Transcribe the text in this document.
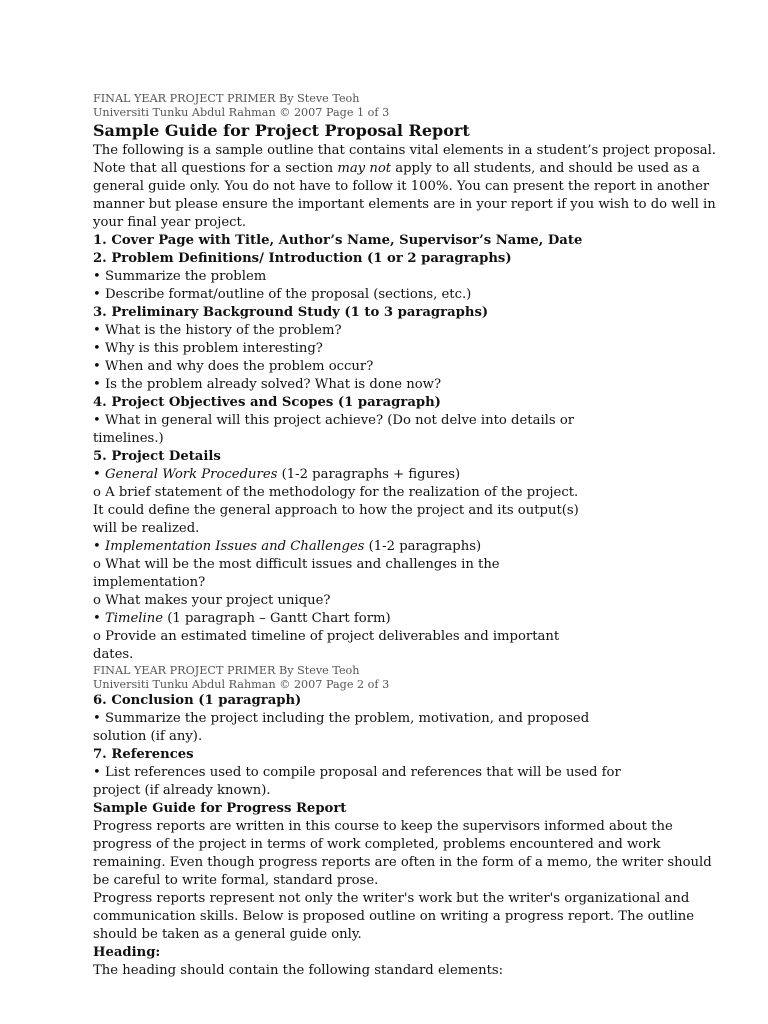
FINAL YEAR PROJECT PRIMER By Steve Teoh
Universiti Tunku Abdul Rahman © 2007 Page 1 of 3
Sample Guide for Project Proposal Report
The following is a sample outline that contains vital elements in a student’s project proposal.
Note that all questions for a section may not apply to all students, and should be used as a
general guide only. You do not have to follow it 100%. You can present the report in another
manner but please ensure the important elements are in your report if you wish to do well in
your final year project.
1. Cover Page with Title, Author’s Name, Supervisor’s Name, Date
2. Problem Definitions/ Introduction (1 or 2 paragraphs)
• Summarize the problem
• Describe format/outline of the proposal (sections, etc.)
3. Preliminary Background Study (1 to 3 paragraphs)
• What is the history of the problem?
• Why is this problem interesting?
• When and why does the problem occur?
• Is the problem already solved? What is done now?
4. Project Objectives and Scopes (1 paragraph)
• What in general will this project achieve? (Do not delve into details or
timelines.)
5. Project Details
• General Work Procedures (1-2 paragraphs + figures)
o A brief statement of the methodology for the realization of the project.
It could define the general approach to how the project and its output(s)
will be realized.
• Implementation Issues and Challenges (1-2 paragraphs)
o What will be the most difficult issues and challenges in the
implementation?
o What makes your project unique?
• Timeline (1 paragraph – Gantt Chart form)
o Provide an estimated timeline of project deliverables and important
dates.
FINAL YEAR PROJECT PRIMER By Steve Teoh
Universiti Tunku Abdul Rahman © 2007 Page 2 of 3
6. Conclusion (1 paragraph)
• Summarize the project including the problem, motivation, and proposed
solution (if any).
7. References
• List references used to compile proposal and references that will be used for
project (if already known).
Sample Guide for Progress Report
Progress reports are written in this course to keep the supervisors informed about the
progress of the project in terms of work completed, problems encountered and work
remaining. Even though progress reports are often in the form of a memo, the writer should
be careful to write formal, standard prose.
Progress reports represent not only the writer's work but the writer's organizational and
communication skills. Below is proposed outline on writing a progress report. The outline
should be taken as a general guide only.
Heading:
The heading should contain the following standard elements:
